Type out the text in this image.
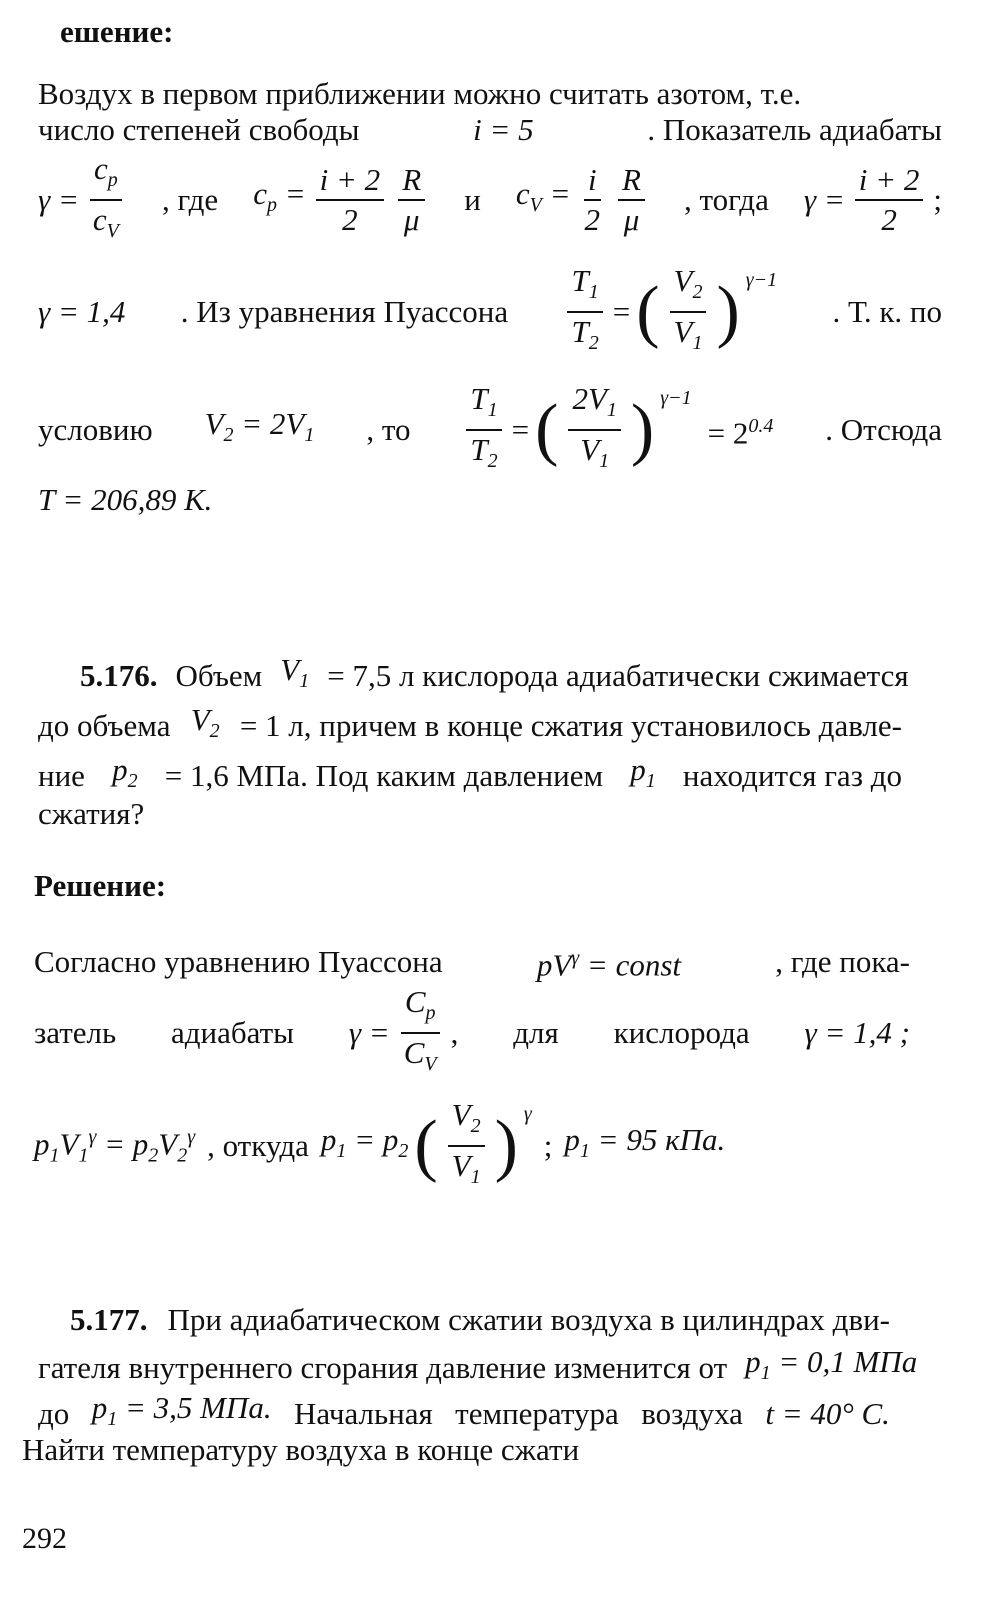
ешение:
Воздух в первом приближении можно считать азотом, т.е.
число степеней свободы	i = 5	. Показатель адиабаты
$\gamma = \frac{c_p}{c_V}$ , где $c_p = \frac{i + 2}{2} \frac{R}{\mu}$ и $c_V = \frac{i}{2} \frac{R}{\mu}$ , тогда $\gamma = \frac{i + 2}{2}$ ;
γ = 1,4 . Из уравнения Пуассона $\frac{T_1}{T_2}$ = ( $\frac{V_2}{V_1}$ ) $^{\gamma-1}$
. Т. к. по
условию $V_2 = 2V_1$ , то $\frac{T_1}{T_2}$ = ( $\frac{2V_1}{V_1}$ ) $^{\gamma-1}$
= $2^{0.4}$ . Отсюда
T = 206,89 К.
5.176. Объем $V_1 = 7,5$ л кислорода адиабатически сжимается
до объема $V_2 = 1$ л, причем в конце сжатия установилось давле-
ние $p_2 = 1,6$ МПа. Под каким давлением $p_1$ находится газ до
сжатия?
Решение:
Согласно уравнению Пуассона	$pV^\gamma$ = const	, где пока-
затель адиабаты $\gamma = \frac{C_p}{C_V}$ , для кислорода γ = 1,4 ;
$p_1V_1^\gamma = p_2V_2^\gamma$ , откуда $p_1 = p_2$ ( $\frac{V_2}{V_1}$ ) $^\gamma$
; $p_1 = 95$ кПа.
5.177. При адиабатическом сжатии воздуха в цилиндрах дви-
гателя внутреннего сгорания давление изменится от $p_1 = 0,1$ МПа
до $p_1 = 3,5$ МПа. Начальная температура воздуха t = 40° С.
Найти температуру воздуха в конце сжати
292
